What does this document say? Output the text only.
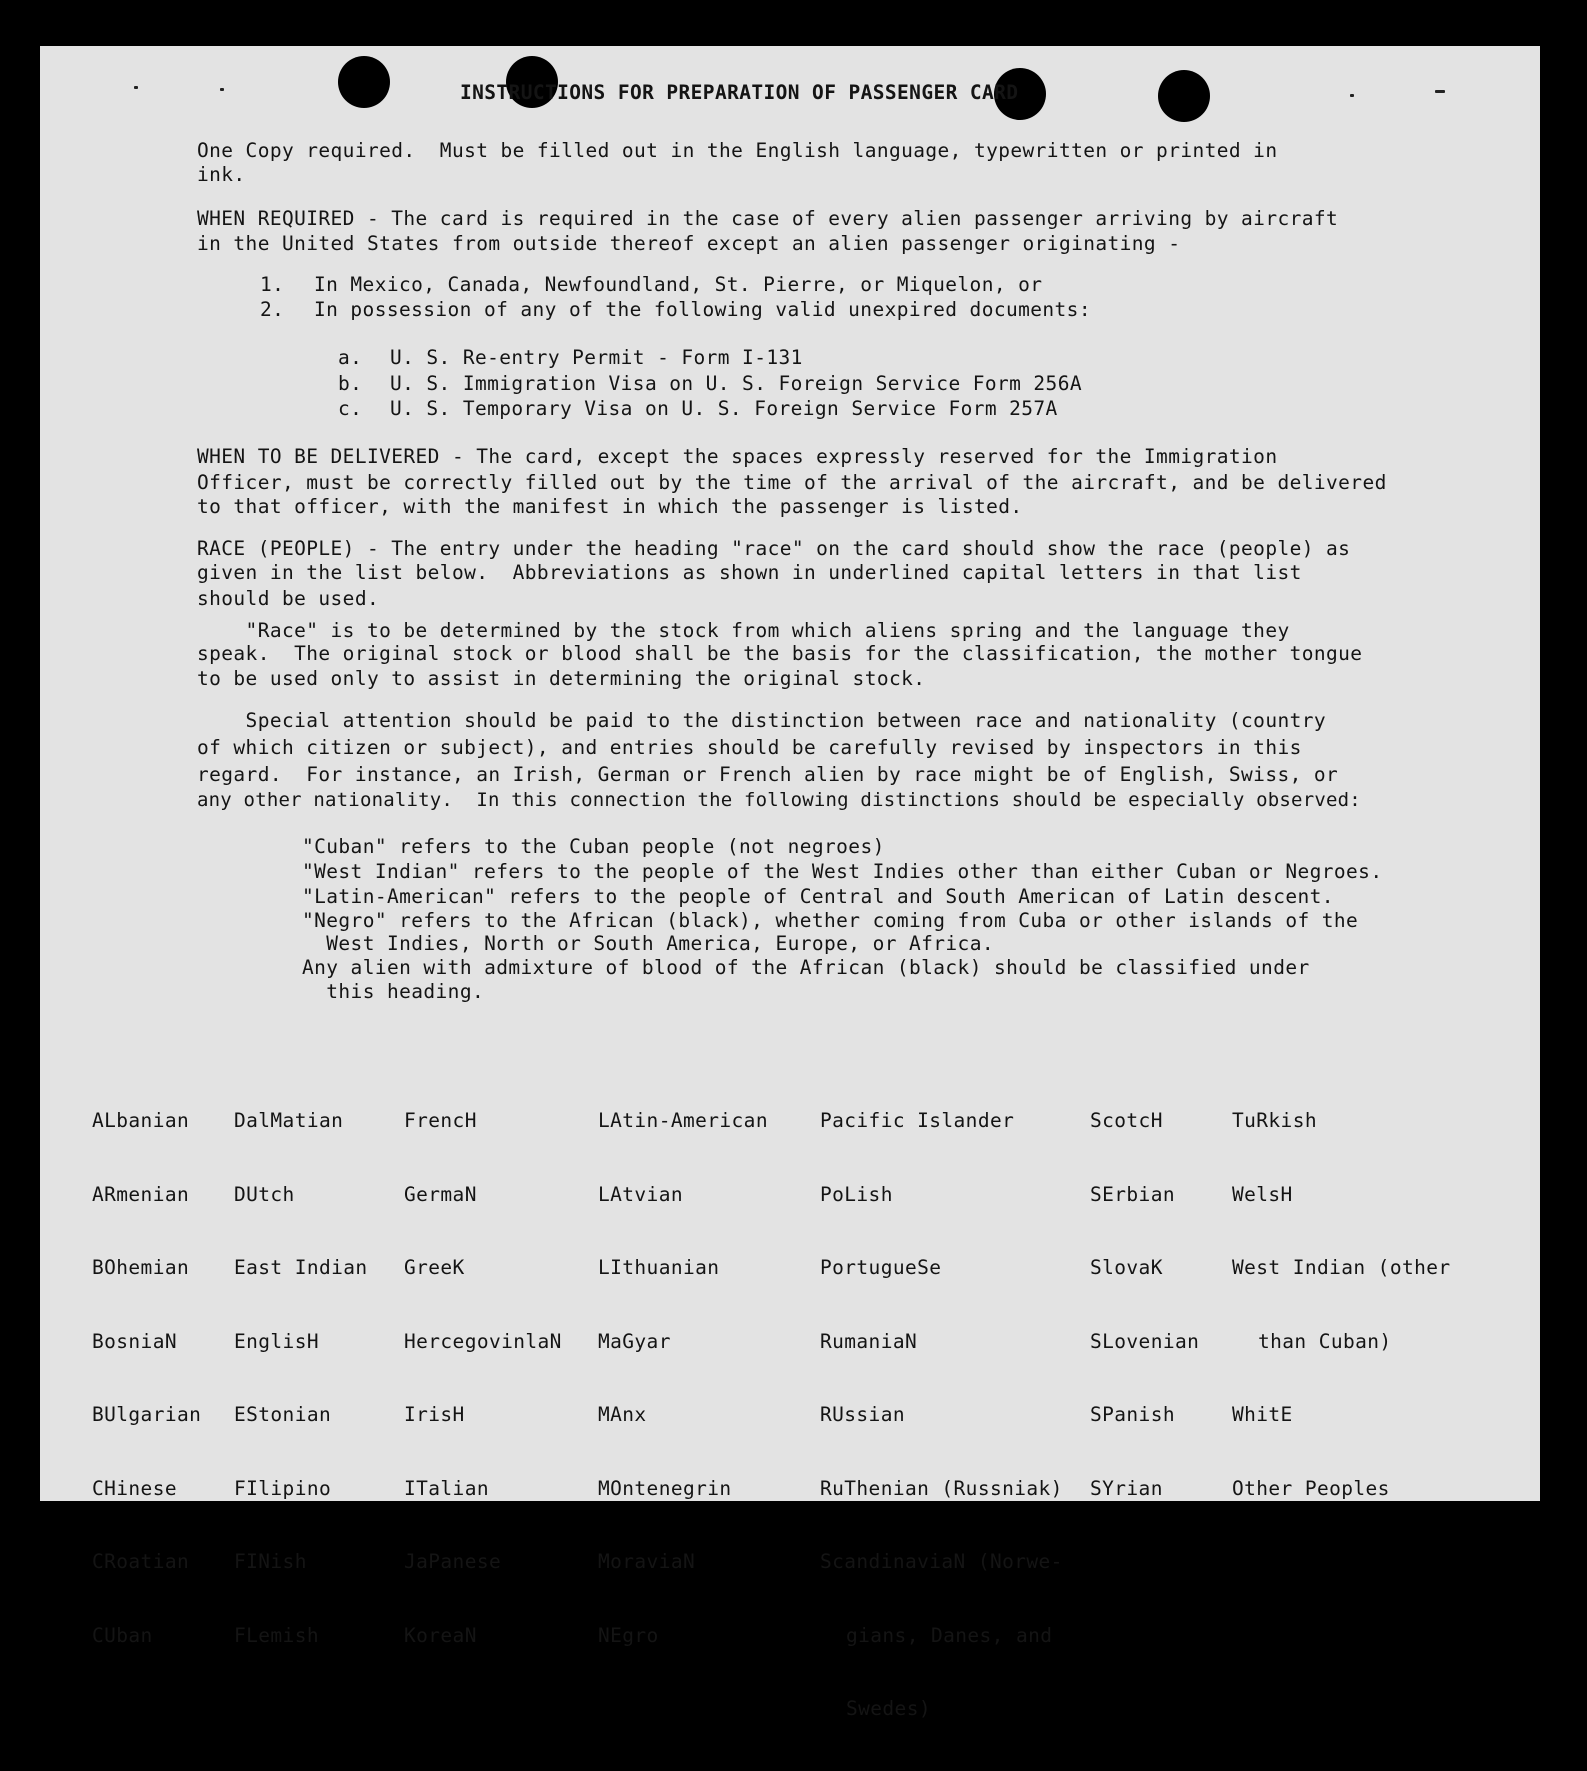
INSTRUCTIONS FOR PREPARATION OF PASSENGER CARD
One Copy required.  Must be filled out in the English language, typewritten or printed in
ink.
WHEN REQUIRED - The card is required in the case of every alien passenger arriving by aircraft
in the United States from outside thereof except an alien passenger originating -
1. In Mexico, Canada, Newfoundland, St. Pierre, or Miquelon, or
2. In possession of any of the following valid unexpired documents:
a. U. S. Re-entry Permit - Form I-131
b. U. S. Immigration Visa on U. S. Foreign Service Form 256A
c. U. S. Temporary Visa on U. S. Foreign Service Form 257A
WHEN TO BE DELIVERED - The card, except the spaces expressly reserved for the Immigration
Officer, must be correctly filled out by the time of the arrival of the aircraft, and be delivered
to that officer, with the manifest in which the passenger is listed.
RACE (PEOPLE) - The entry under the heading "race" on the card should show the race (people) as
given in the list below.  Abbreviations as shown in underlined capital letters in that list
should be used.
"Race" is to be determined by the stock from which aliens spring and the language they
speak.  The original stock or blood shall be the basis for the classification, the mother tongue
to be used only to assist in determining the original stock.
Special attention should be paid to the distinction between race and nationality (country
of which citizen or subject), and entries should be carefully revised by inspectors in this
regard.  For instance, an Irish, German or French alien by race might be of English, Swiss, or
any other nationality.  In this connection the following distinctions should be especially observed:
"Cuban" refers to the Cuban people (not negroes)
"West Indian" refers to the people of the West Indies other than either Cuban or Negroes.
"Latin-American" refers to the people of Central and South American of Latin descent.
"Negro" refers to the African (black), whether coming from Cuba or other islands of the
West Indies, North or South America, Europe, or Africa.
Any alien with admixture of blood of the African (black) should be classified under
this heading.

ALbanian

ARmenian

BOhemian

BosniaN

BUlgarian

CHinese

CRoatian

CUban

DalMatian

DUtch

East Indian

EnglisH

EStonian

FIlipino

FINish

FLemish

FrencH

GermaN

GreeK

HercegovinlaN

IrisH

ITalian

JaPanese

KoreaN

LAtin-American

LAtvian

LIthuanian

MaGyar

MAnx

MOntenegrin

MoraviaN

NEgro

Pacific Islander

PoLish

PortugueSe

RumaniaN

RUssian

RuThenian (Russniak)

ScandinaviaN (Norwe-

gians, Danes, and

Swedes)

ScotcH

SErbian

SlovaK

SLovenian

SPanish

SYrian

TuRkish

WelsH

West Indian (other

than Cuban)

WhitE

Other Peoples
